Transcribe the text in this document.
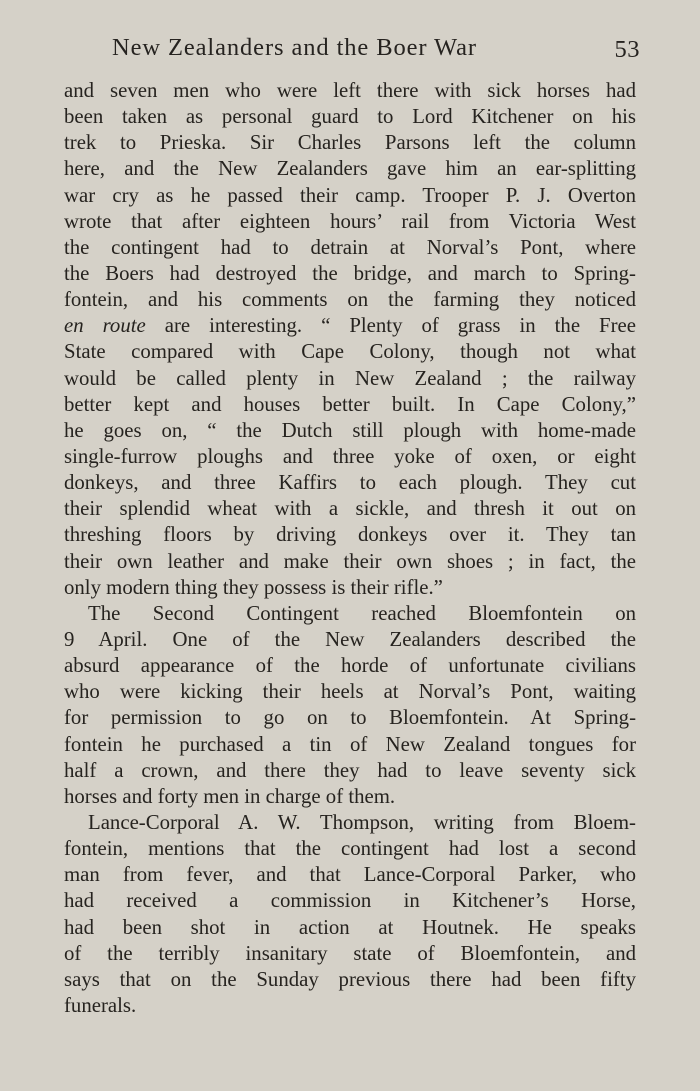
New Zealanders and the Boer War	53
and seven men who were left there with sick horses had
been taken as personal guard to Lord Kitchener on his
trek to Prieska. Sir Charles Parsons left the column
here, and the New Zealanders gave him an ear-splitting
war cry as he passed their camp. Trooper P. J. Overton
wrote that after eighteen hours’ rail from Victoria West
the contingent had to detrain at Norval’s Pont, where
the Boers had destroyed the bridge, and march to Spring-
fontein, and his comments on the farming they noticed
en route are interesting. “ Plenty of grass in the Free
State compared with Cape Colony, though not what
would be called plenty in New Zealand ; the railway
better kept and houses better built. In Cape Colony,”
he goes on, “ the Dutch still plough with home-made
single-furrow ploughs and three yoke of oxen, or eight
donkeys, and three Kaffirs to each plough. They cut
their splendid wheat with a sickle, and thresh it out on
threshing floors by driving donkeys over it. They tan
their own leather and make their own shoes ; in fact, the
only modern thing they possess is their rifle.”
The Second Contingent reached Bloemfontein on
9 April. One of the New Zealanders described the
absurd appearance of the horde of unfortunate civilians
who were kicking their heels at Norval’s Pont, waiting
for permission to go on to Bloemfontein. At Spring-
fontein he purchased a tin of New Zealand tongues for
half a crown, and there they had to leave seventy sick
horses and forty men in charge of them.
Lance-Corporal A. W. Thompson, writing from Bloem-
fontein, mentions that the contingent had lost a second
man from fever, and that Lance-Corporal Parker, who
had received a commission in Kitchener’s Horse,
had been shot in action at Houtnek. He speaks
of the terribly insanitary state of Bloemfontein, and
says that on the Sunday previous there had been fifty
funerals.
